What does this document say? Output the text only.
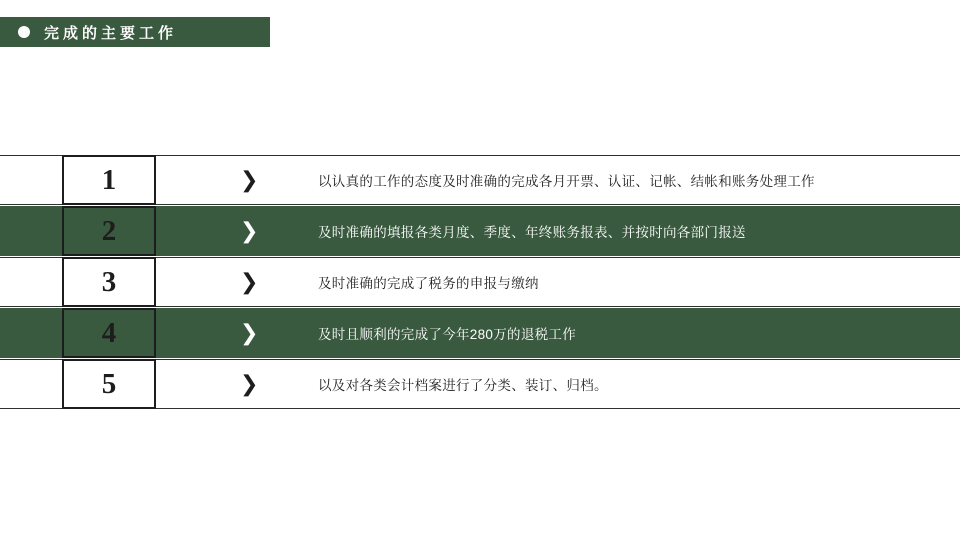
完成的主要工作
1	❯	以认真的工作的态度及时准确的完成各月开票、认证、记帐、结帐和账务处理工作
2	❯	及时准确的填报各类月度、季度、年终账务报表、并按时向各部门报送
3	❯	及时准确的完成了税务的申报与缴纳
4	❯	及时且顺利的完成了今年280万的退税工作
5	❯	以及对各类会计档案进行了分类、装订、归档。
